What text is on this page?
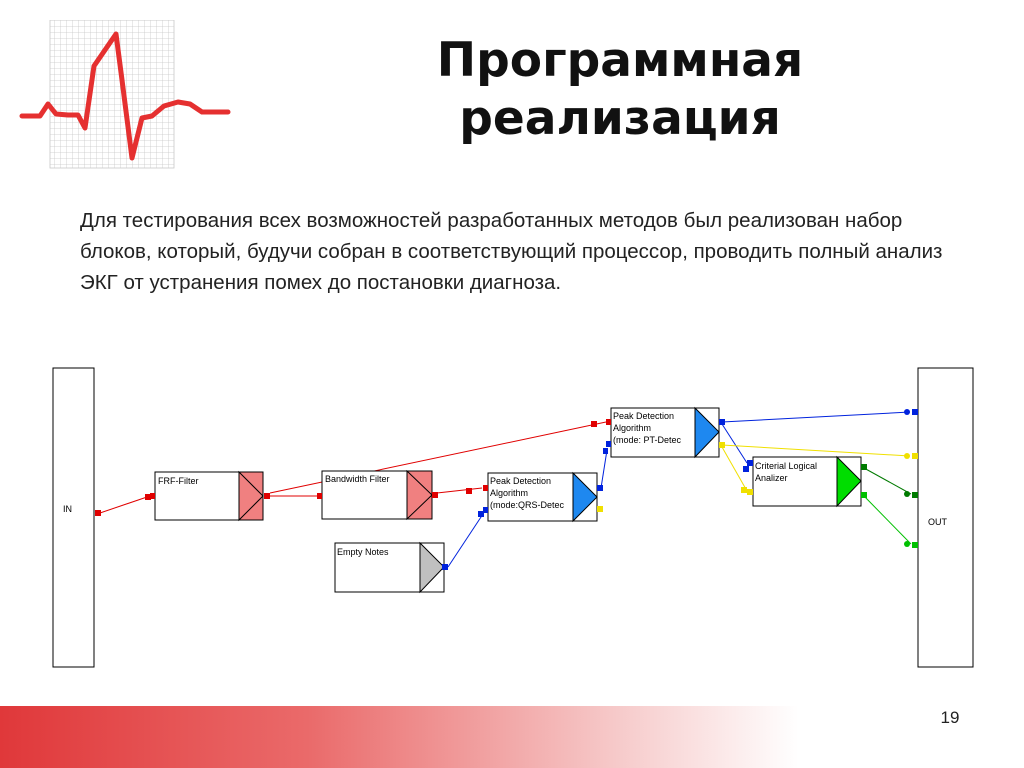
Программная
реализация
Для тестирования всех возможностей разработанных методов был реализован набор блоков, который, будучи собран в соответствующий процессор, проводить полный анализ ЭКГ от устранения помех до постановки диагноза.
IN
OUT
FRF-Filter	Bandwidth Filter	Peak Detection
Algorithm
(mode:QRS-Detec
Peak Detection
Algorithm
(mode: PT-Detec
Criterial Logical
Analizer
Empty Notes
19
